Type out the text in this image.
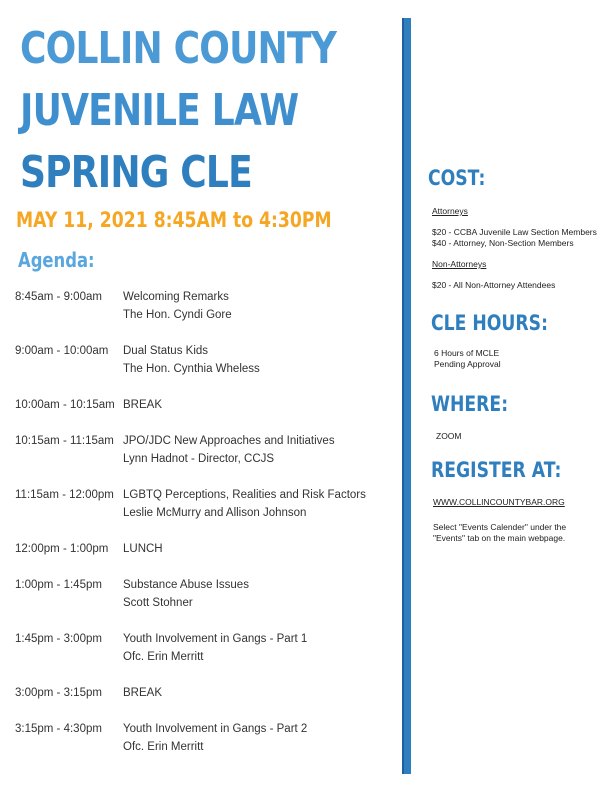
COLLIN COUNTY
JUVENILE LAW
SPRING CLE
MAY 11, 2021 8:45AM to 4:30PM
Agenda:
8:45am - 9:00am Welcoming Remarks
The Hon. Cyndi Gore
9:00am - 10:00am Dual Status Kids
The Hon. Cynthia Wheless
10:00am - 10:15am BREAK
10:15am - 11:15am JPO/JDC New Approaches and Initiatives
Lynn Hadnot - Director, CCJS
11:15am - 12:00pm LGBTQ Perceptions, Realities and Risk Factors
Leslie McMurry and Allison Johnson
12:00pm - 1:00pm LUNCH
1:00pm - 1:45pm Substance Abuse Issues
Scott Stohner
1:45pm - 3:00pm Youth Involvement in Gangs - Part 1
Ofc. Erin Merritt
3:00pm - 3:15pm BREAK
3:15pm - 4:30pm Youth Involvement in Gangs - Part 2
Ofc. Erin Merritt
COST:
Attorneys
$20 - CCBA Juvenile Law Section Members
$40 - Attorney, Non-Section Members
Non-Attorneys
$20 - All Non-Attorney Attendees
CLE HOURS:
6 Hours of MCLE
Pending Approval
WHERE:
ZOOM
REGISTER AT:
WWW.COLLINCOUNTYBAR.ORG
Select "Events Calender" under the
"Events" tab on the main webpage.
